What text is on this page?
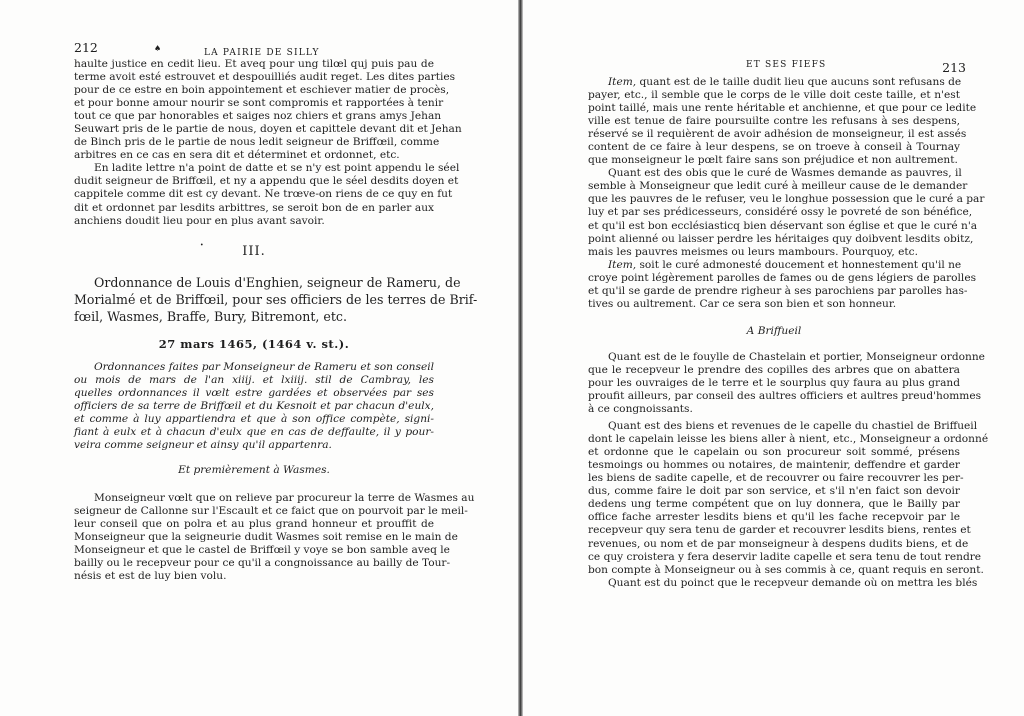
212	♠	LA PAIRIE DE SILLY

haulte justice en cedit lieu. Et aveq pour ung tilœl quj puis pau de
terme avoit esté estrouvet et despouilliés audit reget. Les dites parties
pour de ce estre en boin appointement et eschiever matier de procès,
et pour bonne amour nourir se sont compromis et rapportées à tenir
tout ce que par honorables et saiges noz chiers et grans amys Jehan
Seuwart pris de le partie de nous, doyen et capittele devant dit et Jehan
de Binch pris de le partie de nous ledit seigneur de Briffœil, comme
arbitres en ce cas en sera dit et déterminet et ordonnet, etc.

En ladite lettre n'a point de datte et se n'y est point appendu le séel
dudit seigneur de Briffœil, et ny a appendu que le séel desdits doyen et
cappitele comme dit est cy devant. Ne trœve-on riens de ce quy en fut
dit et ordonnet par lesdits arbittres, se seroit bon de en parler aux
anchiens doudit lieu pour en plus avant savoir.

•	III.

Ordonnance de Louis d'Enghien, seigneur de Rameru, de
Morialmé et de Briffœil, pour ses officiers de les terres de Brif-
fœil, Wasmes, Braffe, Bury, Bitremont, etc.

27 mars 1465, (1464 v. st.).

Ordonnances faites par Monseigneur de Rameru et son conseil
ou mois de mars de l'an xiiij. et lxiiij. stil de Cambray, les
quelles ordonnances il vœlt estre gardées et observées par ses
officiers de sa terre de Briffœil et du Kesnoit et par chacun d'eulx,
et comme à luy appartiendra et que à son office compète, signi-
fiant à eulx et à chacun d'eulx que en cas de deffaulte, il y pour-
veira comme seigneur et ainsy qu'il appartenra.

Et premièrement à Wasmes.

Monseigneur vœlt que on relieve par procureur la terre de Wasmes au
seigneur de Callonne sur l'Escault et ce faict que on pourvoit par le meil-
leur conseil que on polra et au plus grand honneur et prouffit de
Monseigneur que la seigneurie dudit Wasmes soit remise en le main de
Monseigneur et que le castel de Briffœil y voye se bon samble aveq le
bailly ou le recepveur pour ce qu'il a congnoissance au bailly de Tour-
nésis et est de luy bien volu.

ET SES FIEFS	213

Item, quant est de le taille dudit lieu que aucuns sont refusans de
payer, etc., il semble que le corps de le ville doit ceste taille, et n'est
point taillé, mais une rente héritable et anchienne, et que pour ce ledite
ville est tenue de faire poursuilte contre les refusans à ses despens,
réservé se il requièrent de avoir adhésion de monseigneur, il est assés
content de ce faire à leur despens, se on troeve à conseil à Tournay
que monseigneur le pœlt faire sans son préjudice et non aultrement.

Quant est des obis que le curé de Wasmes demande as pauvres, il
semble à Monseigneur que ledit curé à meilleur cause de le demander
que les pauvres de le refuser, veu le longhue possession que le curé a par
luy et par ses prédicesseurs, considéré ossy le povreté de son bénéfice,
et qu'il est bon ecclésiasticq bien déservant son église et que le curé n'a
point alienné ou laisser perdre les héritaiges quy doibvent lesdits obitz,
mais les pauvres meismes ou leurs mambours. Pourquoy, etc.

Item, soit le curé admonesté doucement et honnestement qu'il ne
croye point légèrement parolles de fames ou de gens légiers de parolles
et qu'il se garde de prendre righeur à ses parochiens par parolles has-
tives ou aultrement. Car ce sera son bien et son honneur.

A Briffueil

Quant est de le fouylle de Chastelain et portier, Monseigneur ordonne
que le recepveur le prendre des copilles des arbres que on abattera
pour les ouvraiges de le terre et le sourplus quy faura au plus grand
proufit ailleurs, par conseil des aultres officiers et aultres preud'hommes
à ce congnoissants.

Quant est des biens et revenues de le capelle du chastiel de Briffueil
dont le capelain leisse les biens aller à nient, etc., Monseigneur a ordonné
et ordonne que le capelain ou son procureur soit sommé, présens
tesmoings ou hommes ou notaires, de maintenir, deffendre et garder
les biens de sadite capelle, et de recouvrer ou faire recouvrer les per-
dus, comme faire le doit par son service, et s'il n'en faict son devoir
dedens ung terme compétent que on luy donnera, que le Bailly par
office fache arrester lesdits biens et qu'il les fache recepvoir par le
recepveur quy sera tenu de garder et recouvrer lesdits biens, rentes et
revenues, ou nom et de par monseigneur à despens dudits biens, et de
ce quy croistera y fera deservir ladite capelle et sera tenu de tout rendre
bon compte à Monseigneur ou à ses commis à ce, quant requis en seront.

Quant est du poinct que le recepveur demande où on mettra les blés
